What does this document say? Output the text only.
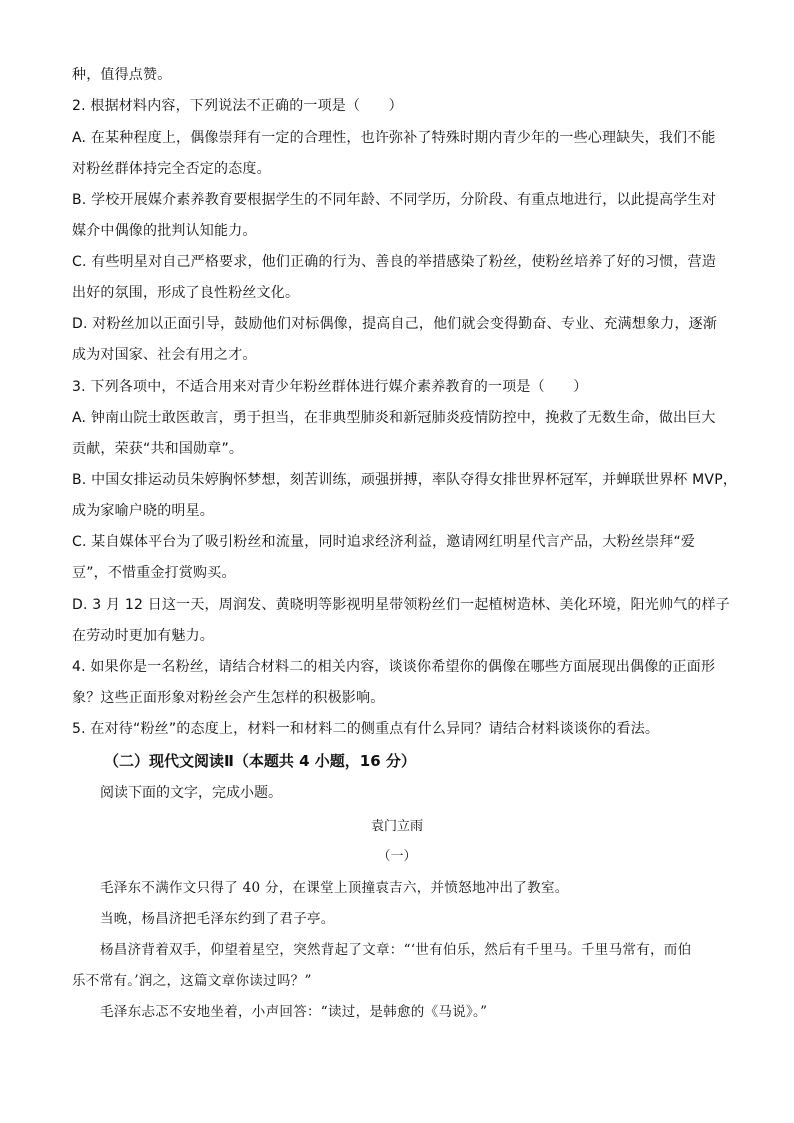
种，值得点赞。
2. 根据材料内容，下列说法不正确的一项是（　　）
A. 在某种程度上，偶像崇拜有一定的合理性，也许弥补了特殊时期内青少年的一些心理缺失，我们不能
对粉丝群体持完全否定的态度。
B. 学校开展媒介素养教育要根据学生的不同年龄、不同学历，分阶段、有重点地进行，以此提高学生对
媒介中偶像的批判认知能力。
C. 有些明星对自己严格要求，他们正确的行为、善良的举措感染了粉丝，使粉丝培养了好的习惯，营造
出好的氛围，形成了良性粉丝文化。
D. 对粉丝加以正面引导，鼓励他们对标偶像，提高自己，他们就会变得勤奋、专业、充满想象力，逐渐
成为对国家、社会有用之才。
3. 下列各项中，不适合用来对青少年粉丝群体进行媒介素养教育的一项是（　　）
A. 钟南山院士敢医敢言，勇于担当，在非典型肺炎和新冠肺炎疫情防控中，挽救了无数生命，做出巨大
贡献，荣获“共和国勋章”。
B. 中国女排运动员朱婷胸怀梦想，刻苦训练，顽强拼搏，率队夺得女排世界杯冠军，并蝉联世界杯 MVP，
成为家喻户晓的明星。
C. 某自媒体平台为了吸引粉丝和流量，同时追求经济利益，邀请网红明星代言产品，大粉丝崇拜“爱
豆”，不惜重金打赏购买。
D. 3 月 12 日这一天，周润发、黄晓明等影视明星带领粉丝们一起植树造林、美化环境，阳光帅气的样子
在劳动时更加有魅力。
4. 如果你是一名粉丝，请结合材料二的相关内容，谈谈你希望你的偶像在哪些方面展现出偶像的正面形
象？这些正面形象对粉丝会产生怎样的积极影响。
5. 在对待“粉丝”的态度上，材料一和材料二的侧重点有什么异同？请结合材料谈谈你的看法。
（二）现代文阅读Ⅱ（本题共 4 小题，16 分）
阅读下面的文字，完成小题。
袁门立雨
（一）
毛泽东不满作文只得了 40 分，在课堂上顶撞袁吉六，并愤怒地冲出了教室。
当晚，杨昌济把毛泽东约到了君子亭。
杨昌济背着双手，仰望着星空，突然背起了文章：“‘世有伯乐，然后有千里马。千里马常有，而伯
乐不常有。’润之，这篇文章你读过吗？”
毛泽东忐忑不安地坐着，小声回答：“读过，是韩愈的《马说》。”
